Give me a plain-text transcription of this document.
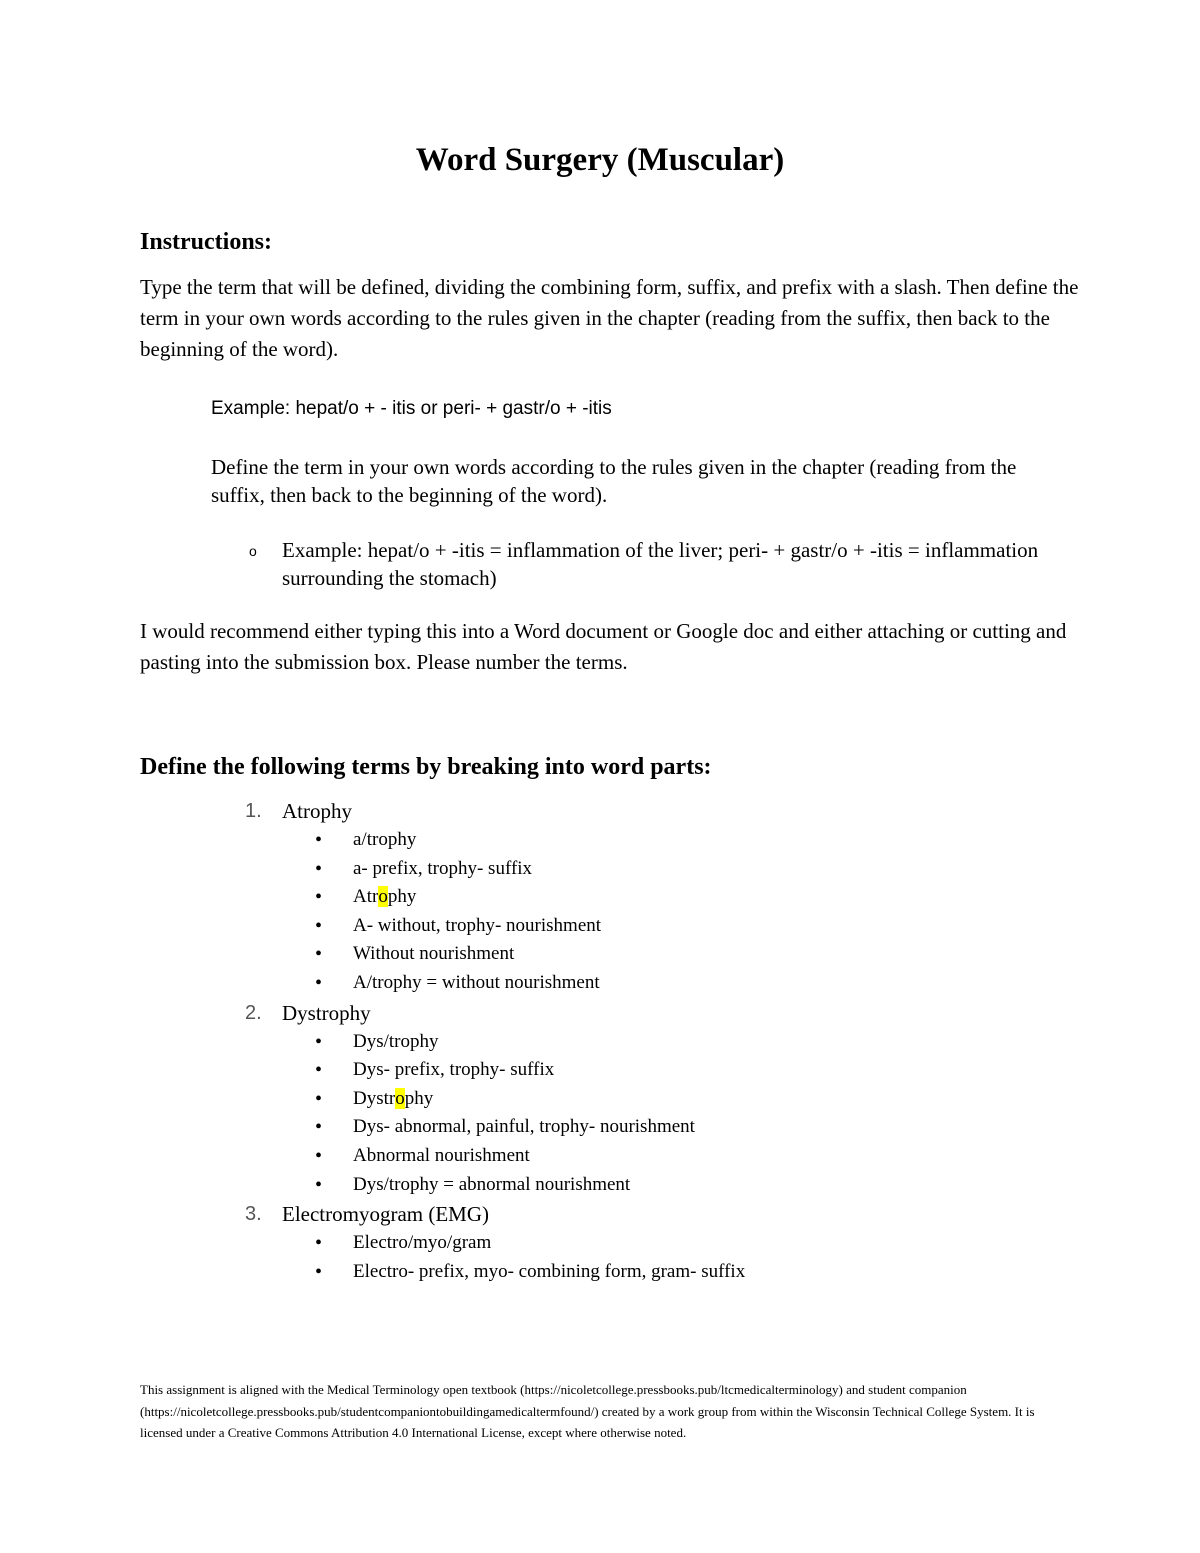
Word Surgery (Muscular)
Instructions:
Type the term that will be defined, dividing the combining form, suffix, and prefix with a slash. Then define the term in your own words according to the rules given in the chapter (reading from the suffix, then back to the beginning of the word).
Example: hepat/o + - itis or peri- + gastr/o + -itis
Define the term in your own words according to the rules given in the chapter (reading from the suffix, then back to the beginning of the word).
o Example: hepat/o + -itis = inflammation of the liver; peri- + gastr/o + -itis = inflammation surrounding the stomach)
I would recommend either typing this into a Word document or Google doc and either attaching or cutting and pasting into the submission box. Please number the terms.
Define the following terms by breaking into word parts:
1. Atrophy
• a/trophy
• a- prefix, trophy- suffix
• Atrophy
• A- without, trophy- nourishment
• Without nourishment
• A/trophy = without nourishment
2. Dystrophy
• Dys/trophy
• Dys- prefix, trophy- suffix
• Dystrophy
• Dys- abnormal, painful, trophy- nourishment
• Abnormal nourishment
• Dys/trophy = abnormal nourishment
3. Electromyogram (EMG)
• Electro/myo/gram
• Electro- prefix, myo- combining form, gram- suffix
This assignment is aligned with the Medical Terminology open textbook (https://nicoletcollege.pressbooks.pub/ltcmedicalterminology) and student companion (https://nicoletcollege.pressbooks.pub/studentcompaniontobuildingamedicaltermfound/) created by a work group from within the Wisconsin Technical College System. It is licensed under a Creative Commons Attribution 4.0 International License, except where otherwise noted.
